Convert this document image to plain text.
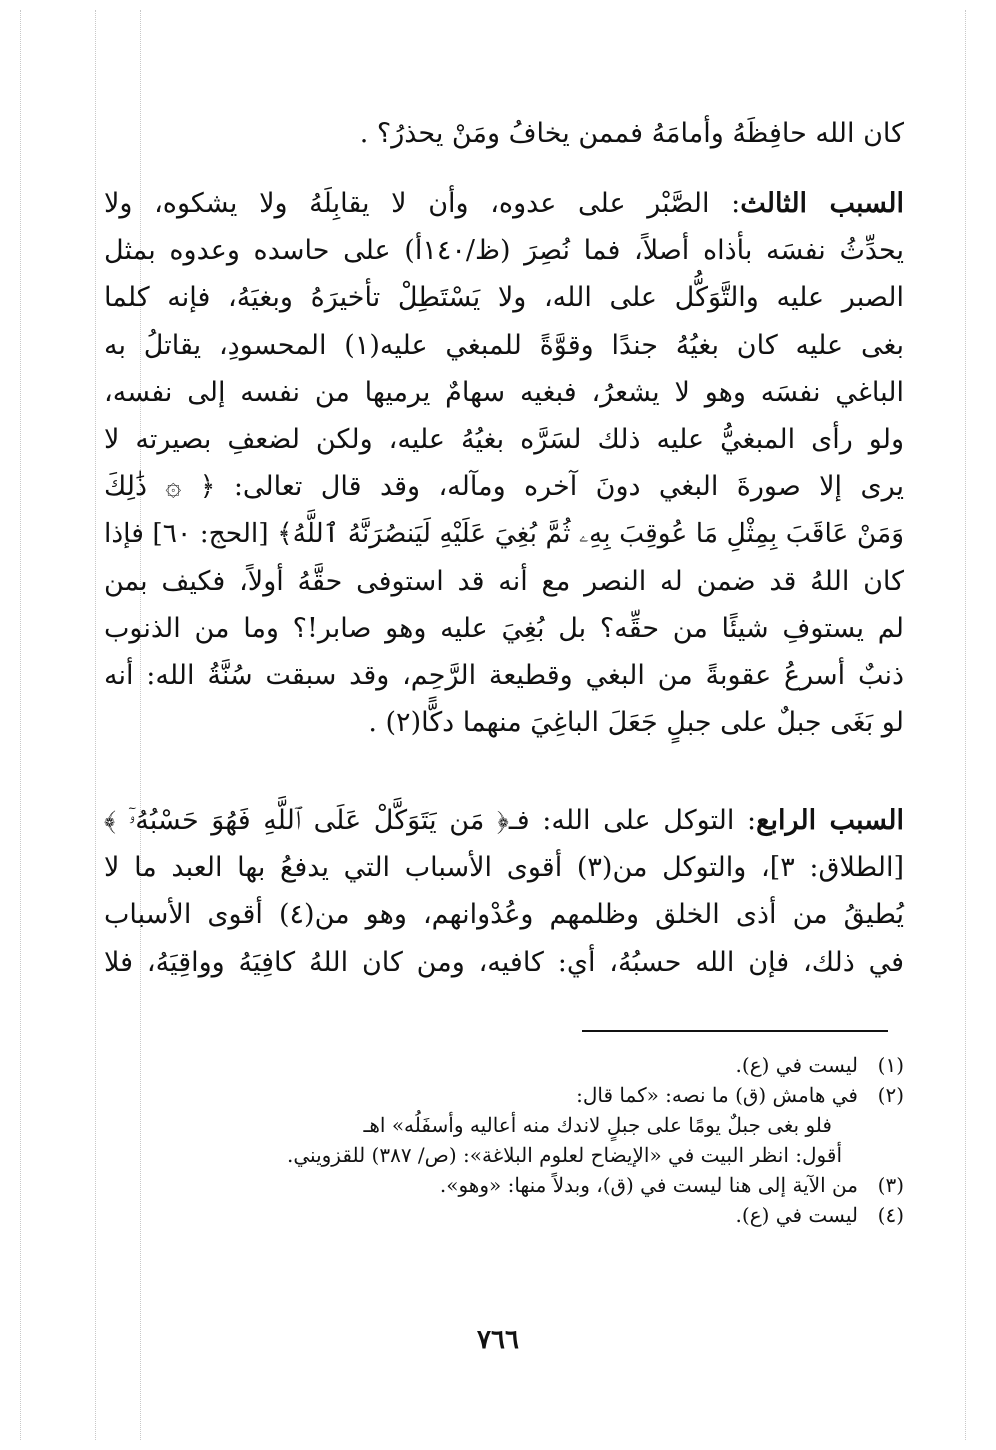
كان الله حافِظَهُ وأمامَهُ فممن يخافُ ومَنْ يحذرُ؟ .

السبب الثالث: الصَّبْر على عدوه، وأن لا يقابِلَهُ ولا يشكوه، ولا
يحدِّثُ نفسَه بأذاه أصلاً، فما نُصِرَ (ظ/١٤٠أ) على حاسده وعدوه بمثل
الصبر عليه والتَّوَكُّل على الله، ولا يَسْتَطِلْ تأخيرَهُ وبغيَهُ، فإنه كلما
بغى عليه كان بغيُهُ جندًا وقوَّةً للمبغي عليه(١) المحسودِ، يقاتلُ به
الباغي نفسَه وهو لا يشعرُ، فبغيه سهامٌ يرميها من نفسه إلى نفسه،
ولو رأى المبغيُّ عليه ذلك لسَرَّه بغيُهُ عليه، ولكن لضعفِ بصيرته لا
يرى إلا صورةَ البغي دونَ آخره ومآله، وقد قال تعالى: ﴿ ۞ ذَٰلِكَ
وَمَنْ عَاقَبَ بِمِثْلِ مَا عُوقِبَ بِهِۦ ثُمَّ بُغِيَ عَلَيْهِ لَيَنصُرَنَّهُ ٱللَّهُ﴾ [الحج: ٦٠] فإذا
كان اللهُ قد ضمن له النصر مع أنه قد استوفى حقَّهُ أولاً، فكيف بمن
لم يستوفِ شيئًا من حقِّه؟ بل بُغِيَ عليه وهو صابر!؟ وما من الذنوب
ذنبٌ أسرعُ عقوبةً من البغي وقطيعة الرَّحِم، وقد سبقت سُنَّةُ الله: أنه
لو بَغَى جبلٌ على جبلٍ جَعَلَ الباغِيَ منهما دكًّا(٢) .
السبب الرابع: التوكل على الله: فـ﴿ مَن يَتَوَكَّلْ عَلَى ٱللَّهِ فَهُوَ حَسْبُهُۥٓ ﴾
[الطلاق: ٣]، والتوكل من(٣) أقوى الأسباب التي يدفعُ بها العبد ما لا
يُطيقُ من أذى الخلق وظلمهم وعُدْوانهم، وهو من(٤) أقوى الأسباب
في ذلك، فإن الله حسبُهُ، أي: كافيه، ومن كان اللهُ كافِيَهُ وواقِيَهُ، فلا
(١)ليست في (ع).
(٢)في هامش (ق) ما نصه: «كما قال:
فلو بغى جبلٌ يومًا على جبلٍ لاندك منه أعاليه وأسفَلُه» اهـ
أقول: انظر البيت في «الإيضاح لعلوم البلاغة»: (ص/ ٣٨٧) للقزويني.
(٣)من الآية إلى هنا ليست في (ق)، وبدلاً منها: «وهو».
(٤)ليست في (ع).
٧٦٦
